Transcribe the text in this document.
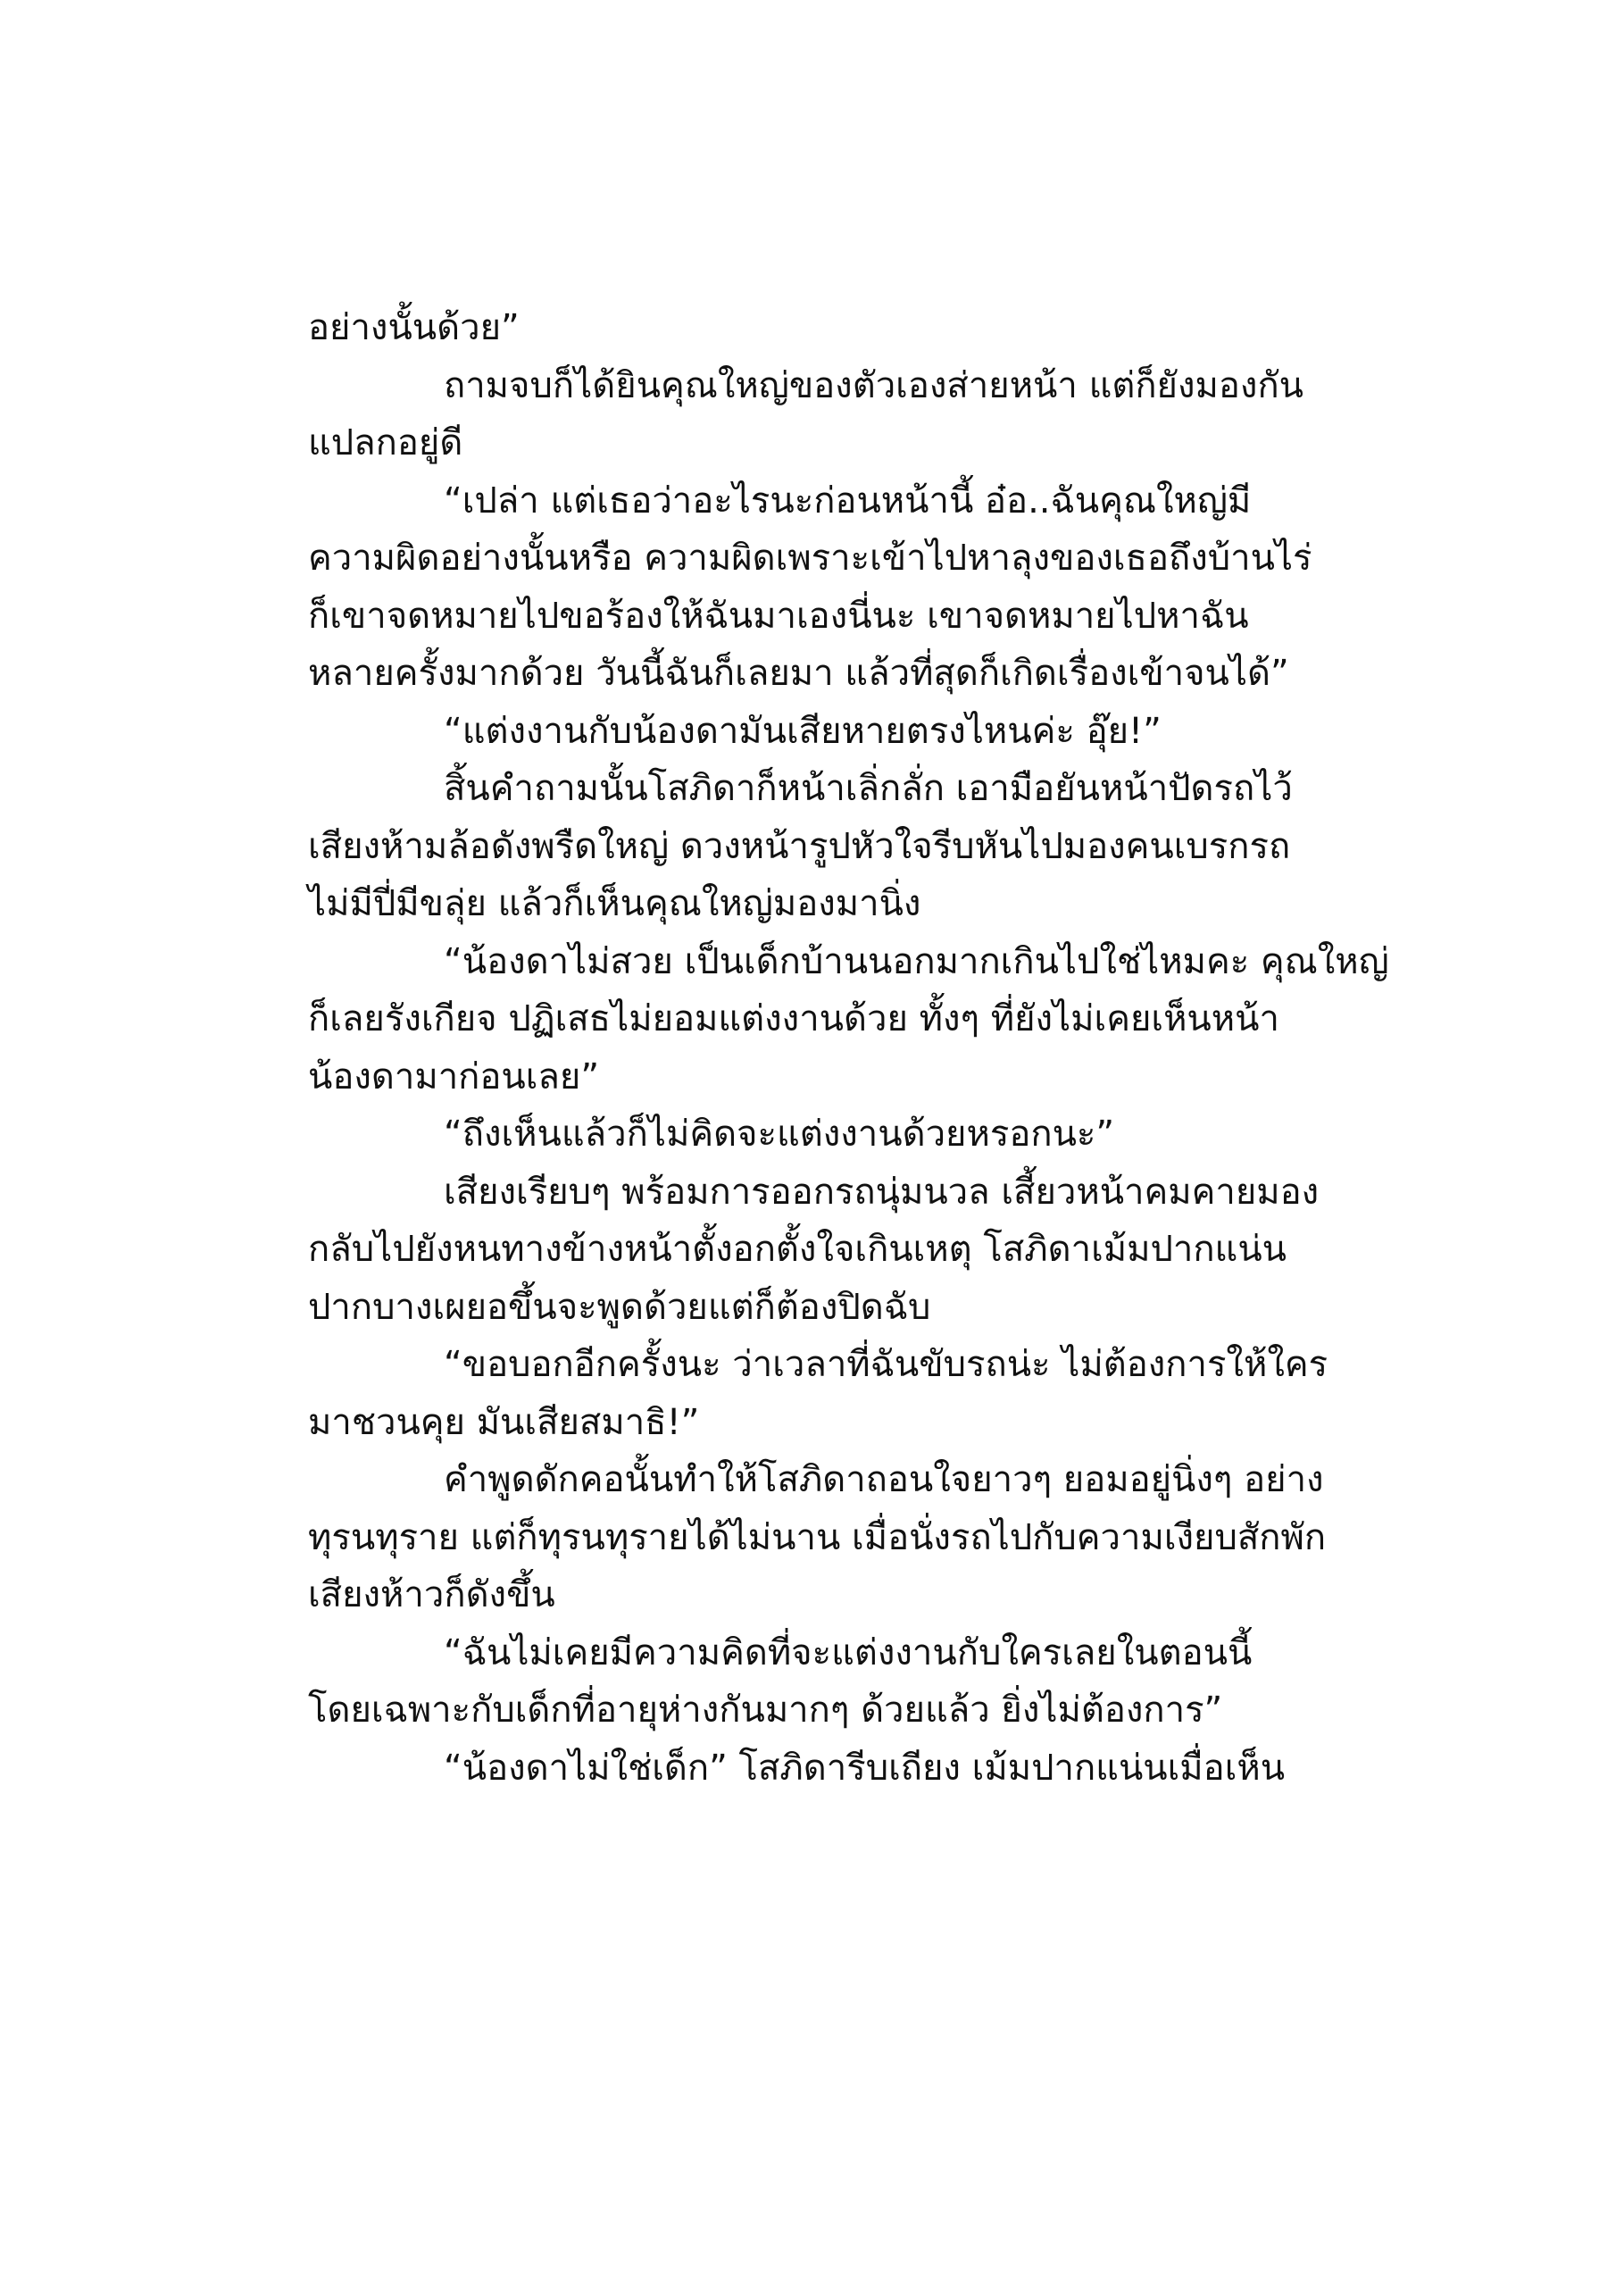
อย่างนั้นด้วย”
ถามจบก็ได้ยินคุณใหญ่ของตัวเองส่ายหน้า แต่ก็ยังมองกัน
แปลกอยู่ดี
“เปล่า แต่เธอว่าอะไรนะก่อนหน้านี้ อ๋อ..ฉันคุณใหญ่มี
ความผิดอย่างนั้นหรือ ความผิดเพราะเข้าไปหาลุงของเธอถึงบ้านไร่
ก็เขาจดหมายไปขอร้องให้ฉันมาเองนี่นะ เขาจดหมายไปหาฉัน
หลายครั้งมากด้วย วันนี้ฉันก็เลยมา แล้วที่สุดก็เกิดเรื่องเข้าจนได้”
“แต่งงานกับน้องดามันเสียหายตรงไหนค่ะ อุ๊ย!”
สิ้นคำถามนั้นโสภิดาก็หน้าเลิ่กลั่ก เอามือยันหน้าปัดรถไว้
เสียงห้ามล้อดังพรืดใหญ่ ดวงหน้ารูปหัวใจรีบหันไปมองคนเบรกรถ
ไม่มีปี่มีขลุ่ย แล้วก็เห็นคุณใหญ่มองมานิ่ง
“น้องดาไม่สวย เป็นเด็กบ้านนอกมากเกินไปใช่ไหมคะ คุณใหญ่
ก็เลยรังเกียจ ปฏิเสธไม่ยอมแต่งงานด้วย ทั้งๆ ที่ยังไม่เคยเห็นหน้า
น้องดามาก่อนเลย”
“ถึงเห็นแล้วก็ไม่คิดจะแต่งงานด้วยหรอกนะ”
เสียงเรียบๆ พร้อมการออกรถนุ่มนวล เสี้ยวหน้าคมคายมอง
กลับไปยังหนทางข้างหน้าตั้งอกตั้งใจเกินเหตุ โสภิดาเม้มปากแน่น
ปากบางเผยอขึ้นจะพูดด้วยแต่ก็ต้องปิดฉับ
“ขอบอกอีกครั้งนะ ว่าเวลาที่ฉันขับรถน่ะ ไม่ต้องการให้ใคร
มาชวนคุย มันเสียสมาธิ!”
คำพูดดักคอนั้นทำให้โสภิดาถอนใจยาวๆ ยอมอยู่นิ่งๆ อย่าง
ทุรนทุราย แต่ก็ทุรนทุรายได้ไม่นาน เมื่อนั่งรถไปกับความเงียบสักพัก
เสียงห้าวก็ดังขึ้น
“ฉันไม่เคยมีความคิดที่จะแต่งงานกับใครเลยในตอนนี้
โดยเฉพาะกับเด็กที่อายุห่างกันมากๆ ด้วยแล้ว ยิ่งไม่ต้องการ”
“น้องดาไม่ใช่เด็ก” โสภิดารีบเถียง เม้มปากแน่นเมื่อเห็น
